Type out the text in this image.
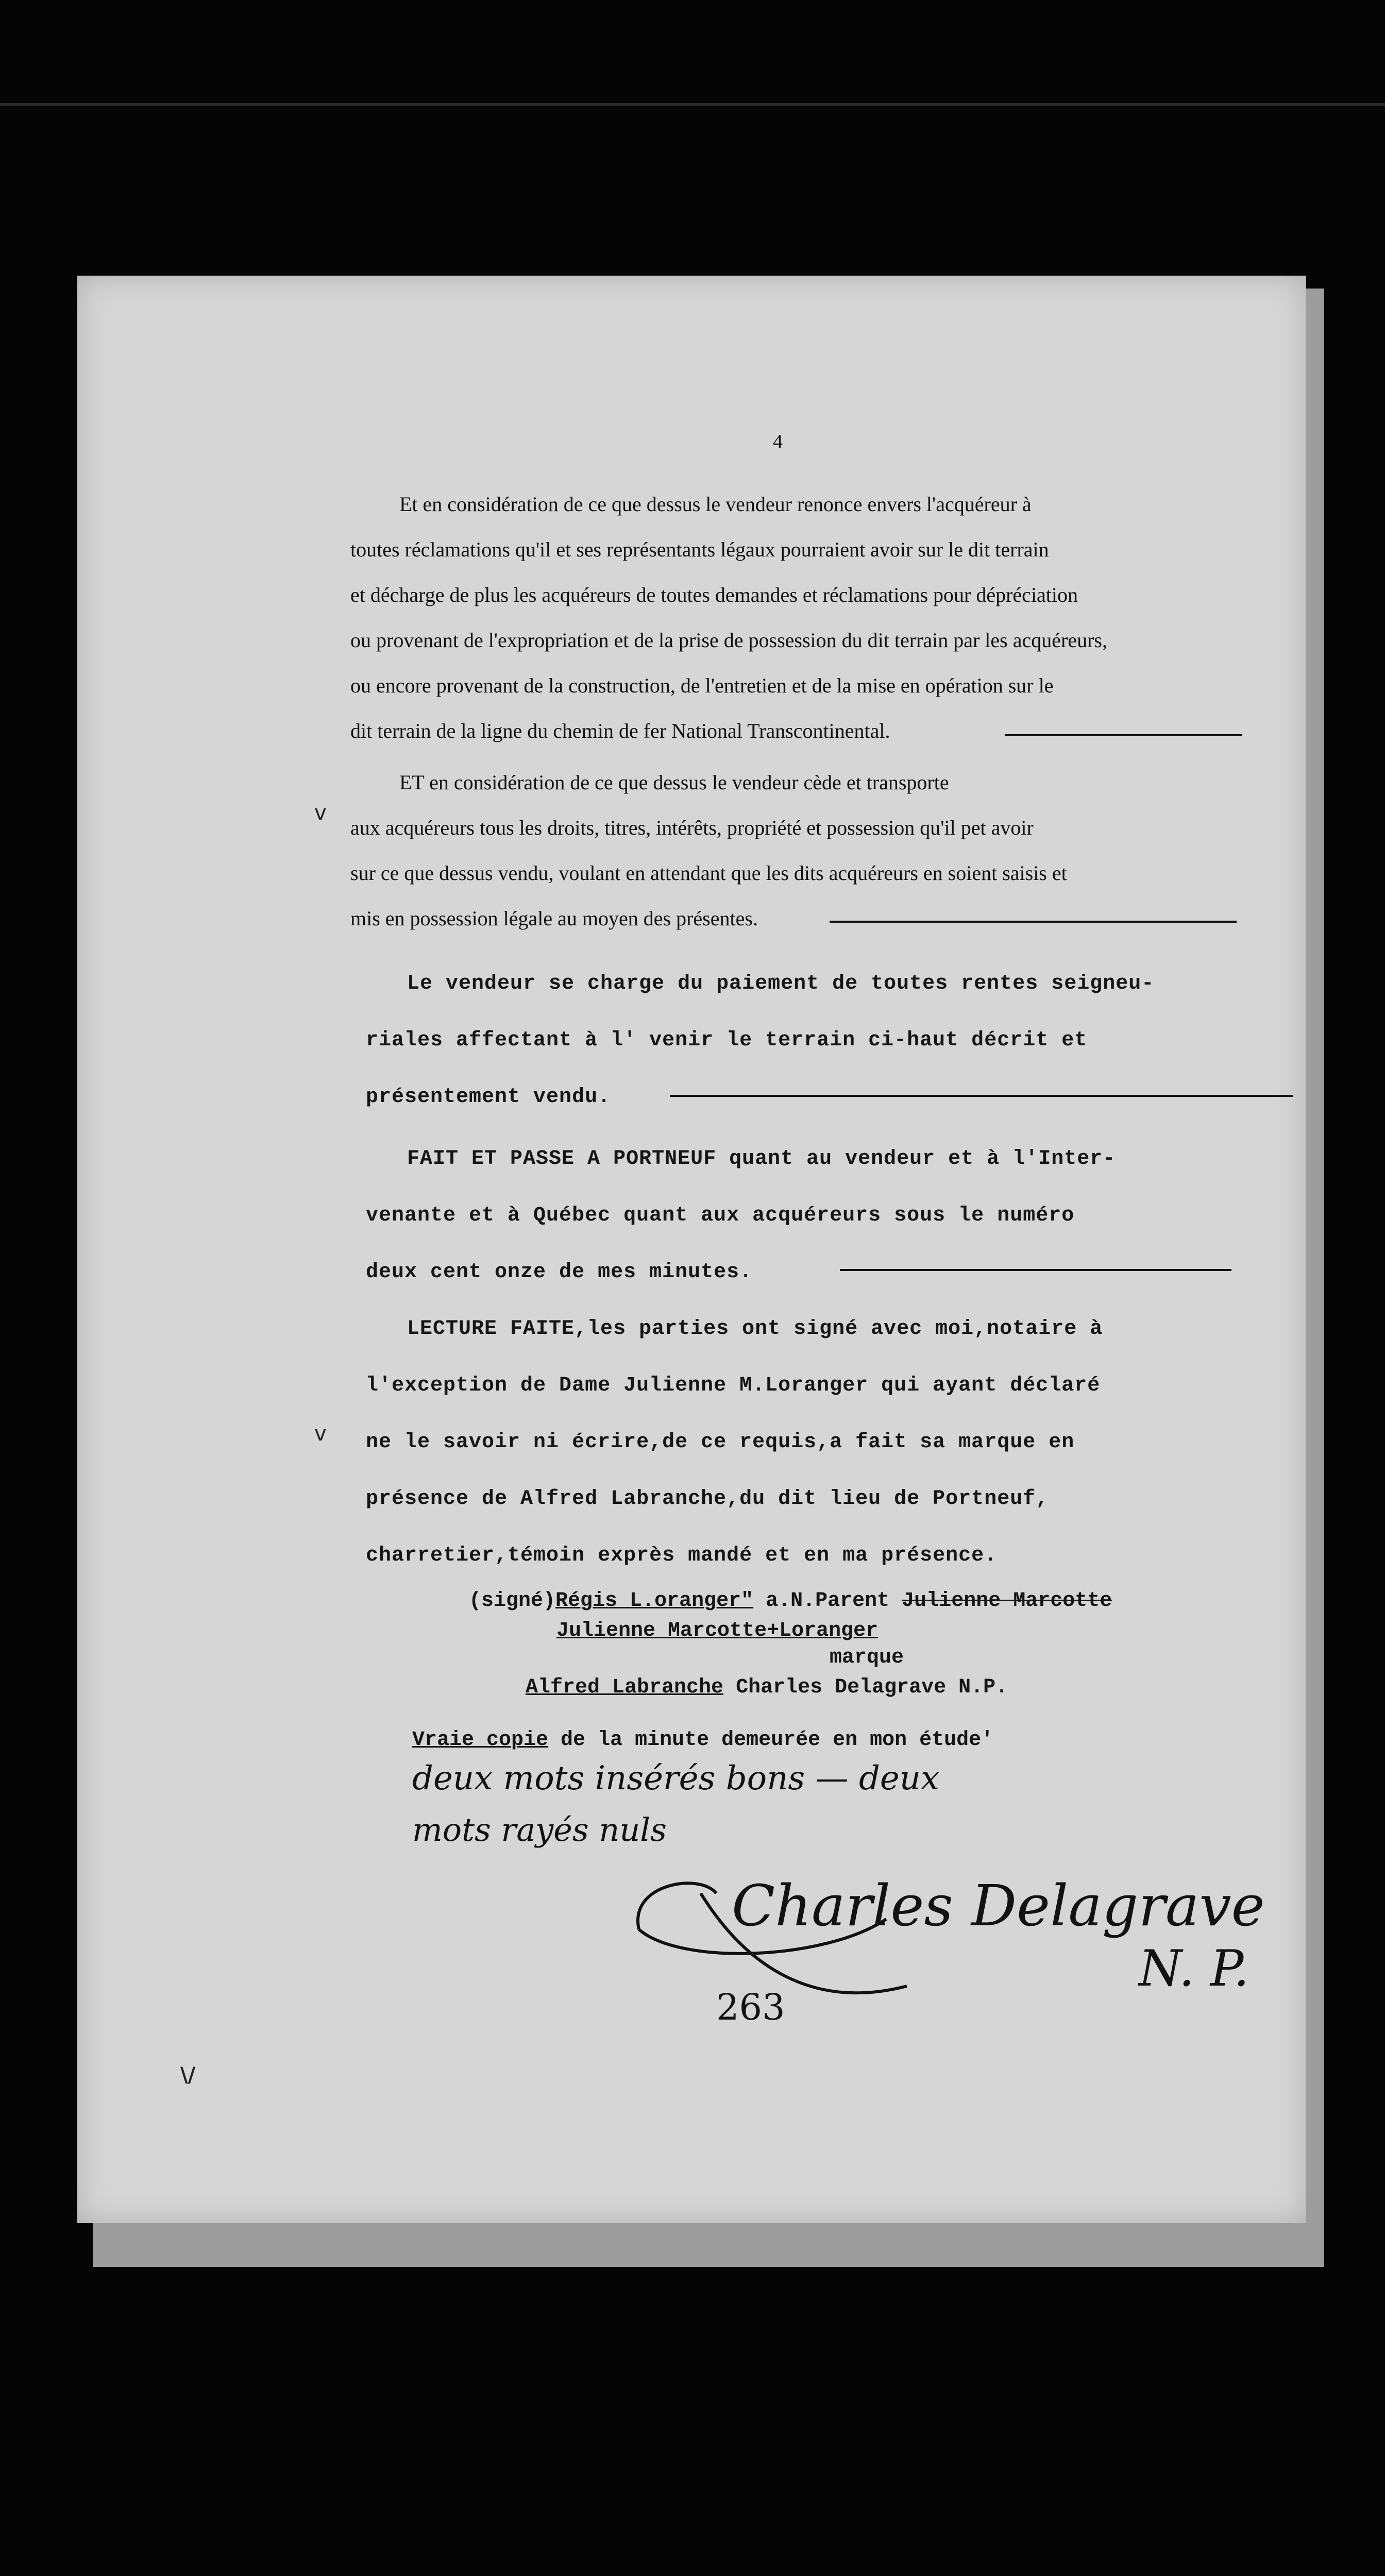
4

Et en considération de ce que dessus le vendeur renonce envers l'acquéreur à

toutes réclamations qu'il et ses représentants légaux pourraient avoir sur le dit terrain

et décharge de plus les acquéreurs de toutes demandes et réclamations pour dépréciation

ou provenant de l'expropriation et de la prise de possession du dit terrain par les acquéreurs,

ou encore provenant de la construction, de l'entretien et de la mise en opération sur le

dit terrain de la ligne du chemin de fer National Transcontinental.

ET en considération de ce que dessus le vendeur cède et transporte

aux acquéreurs tous les droits, titres, intérêts, propriété et possession qu'il pet avoir

sur ce que dessus vendu, voulant en attendant que les dits acquéreurs en soient saisis et

mis en possession légale au moyen des présentes.

Le vendeur se charge du paiement de toutes rentes seigneu-

riales affectant à l' venir le terrain ci-haut décrit et

présentement vendu.

FAIT ET PASSE A PORTNEUF quant au vendeur et à l'Inter-

venante et à Québec quant aux acquéreurs sous le numéro

deux cent onze de mes minutes.

LECTURE FAITE,les parties ont signé avec moi,notaire à

l'exception de Dame Julienne M.Loranger qui ayant déclaré

ne le savoir ni écrire,de ce requis,a fait sa marque en

présence de Alfred Labranche,du dit lieu de Portneuf,

charretier,témoin exprès mandé et en ma présence.

(signé)Régis L.oranger" a.N.Parent Julienne Marcotte
Julienne Marcotte+Loranger
marque
Alfred Labranche Charles Delagrave N.P.
Vraie copie de la minute demeurée en mon étude'
deux mots insérés bons — deux
mots rayés nuls
Charles Delagrave
N. P.
263
v
v
\/
